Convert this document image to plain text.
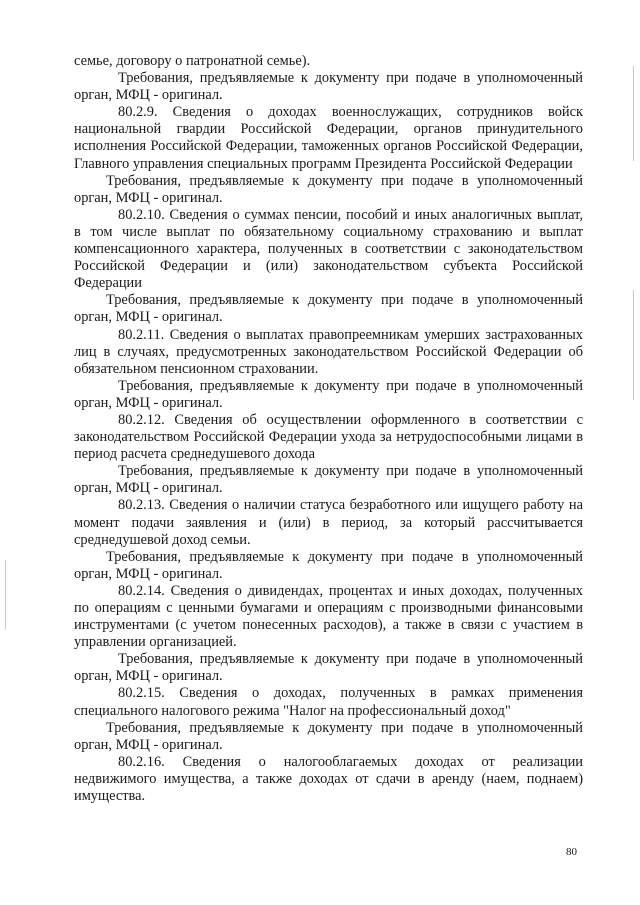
семье, договору о патронатной семье).

Требования, предъявляемые к документу при подаче в уполномоченный орган, МФЦ - оригинал.

80.2.9. Сведения о доходах военнослужащих, сотрудников войск национальной гвардии Российской Федерации, органов принудительного исполнения Российской Федерации, таможенных органов Российской Федерации, Главного управления специальных программ Президента Российской Федерации

Требования, предъявляемые к документу при подаче в уполномоченный орган, МФЦ - оригинал.

80.2.10. Сведения о суммах пенсии, пособий и иных аналогичных выплат, в том числе выплат по обязательному социальному страхованию и выплат компенсационного характера, полученных в соответствии с законодательством Российской Федерации и (или) законодательством субъекта Российской Федерации

Требования, предъявляемые к документу при подаче в уполномоченный орган, МФЦ - оригинал.

80.2.11. Сведения о выплатах правопреемникам умерших застрахованных лиц в случаях, предусмотренных законодательством Российской Федерации об обязательном пенсионном страховании.

Требования, предъявляемые к документу при подаче в уполномоченный орган, МФЦ - оригинал.

80.2.12. Сведения об осуществлении оформленного в соответствии с законодательством Российской Федерации ухода за нетрудоспособными лицами в период расчета среднедушевого дохода

Требования, предъявляемые к документу при подаче в уполномоченный орган, МФЦ - оригинал.

80.2.13. Сведения о наличии статуса безработного или ищущего работу на момент подачи заявления и (или) в период, за который рассчитывается среднедушевой доход семьи.

Требования, предъявляемые к документу при подаче в уполномоченный орган, МФЦ - оригинал.

80.2.14. Сведения о дивидендах, процентах и иных доходах, полученных по операциям с ценными бумагами и операциям с производными финансовыми инструментами (с учетом понесенных расходов), а также в связи с участием в управлении организацией.

Требования, предъявляемые к документу при подаче в уполномоченный орган, МФЦ - оригинал.

80.2.15. Сведения о доходах, полученных в рамках применения специального налогового режима "Налог на профессиональный доход"

Требования, предъявляемые к документу при подаче в уполномоченный орган, МФЦ - оригинал.

80.2.16. Сведения о налогооблагаемых доходах от реализации недвижимого имущества, а также доходах от сдачи в аренду (наем, поднаем) имущества.

80
